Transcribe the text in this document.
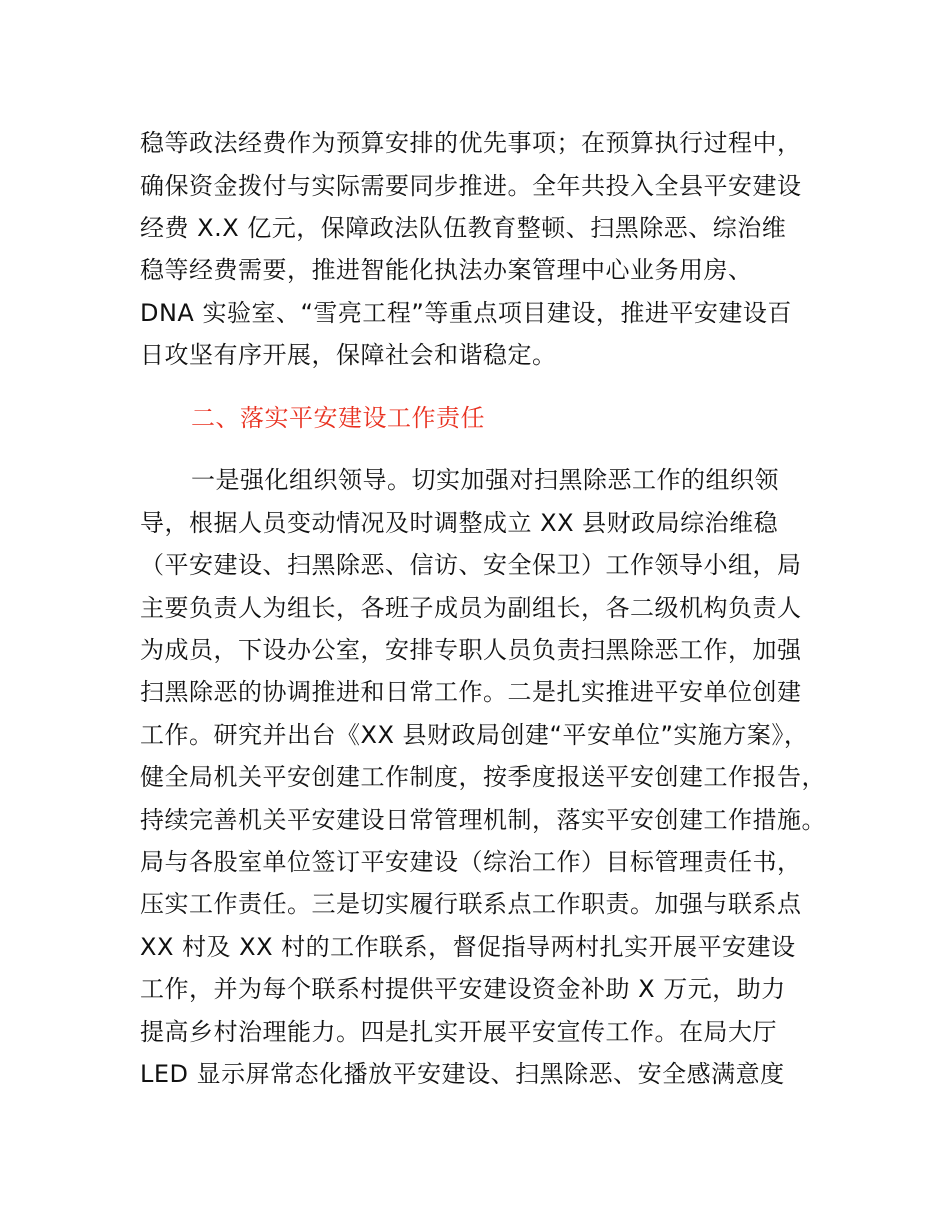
稳等政法经费作为预算安排的优先事项；在预算执行过程中，
确保资金拨付与实际需要同步推进。全年共投入全县平安建设
经费 X.X 亿元，保障政法队伍教育整顿、扫黑除恶、综治维
稳等经费需要，推进智能化执法办案管理中心业务用房、
DNA 实验室、“雪亮工程”等重点项目建设，推进平安建设百
日攻坚有序开展，保障社会和谐稳定。
二、落实平安建设工作责任
一是强化组织领导。切实加强对扫黑除恶工作的组织领
导，根据人员变动情况及时调整成立 XX 县财政局综治维稳
（平安建设、扫黑除恶、信访、安全保卫）工作领导小组，局
主要负责人为组长，各班子成员为副组长，各二级机构负责人
为成员，下设办公室，安排专职人员负责扫黑除恶工作，加强
扫黑除恶的协调推进和日常工作。二是扎实推进平安单位创建
工作。研究并出台《XX 县财政局创建“平安单位”实施方案》，
健全局机关平安创建工作制度，按季度报送平安创建工作报告，
持续完善机关平安建设日常管理机制，落实平安创建工作措施。
局与各股室单位签订平安建设（综治工作）目标管理责任书，
压实工作责任。三是切实履行联系点工作职责。加强与联系点
XX 村及 XX 村的工作联系，督促指导两村扎实开展平安建设
工作，并为每个联系村提供平安建设资金补助 X 万元，助力
提高乡村治理能力。四是扎实开展平安宣传工作。在局大厅
LED 显示屏常态化播放平安建设、扫黑除恶、安全感满意度
